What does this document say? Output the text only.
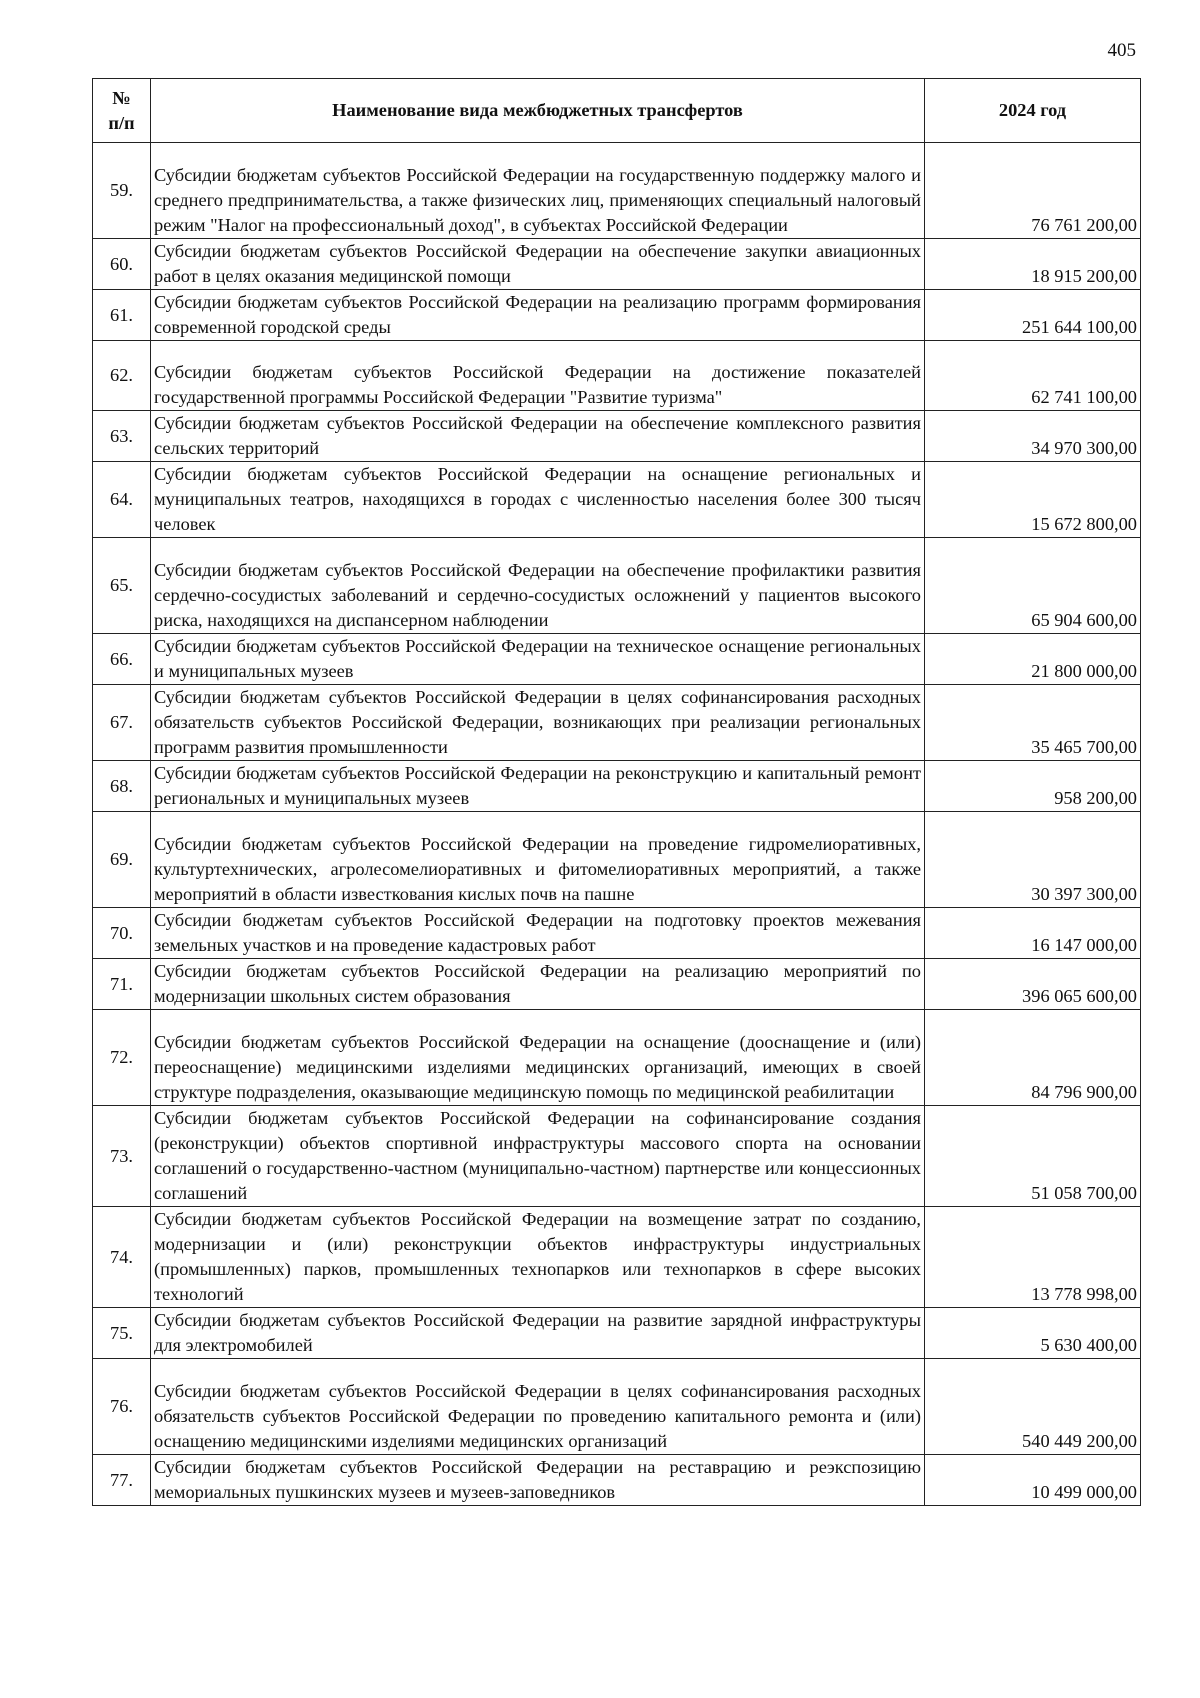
405
№
п/п	Наименование вида межбюджетных трансфертов	2024 год
59.	Субсидии бюджетам субъектов Российской Федерации на государственную поддержку малого и среднего предпринимательства, а также физических лиц, применяющих специальный налоговый режим "Налог на профессиональный доход", в субъектах Российской Федерации	76 761 200,00
60.	Субсидии бюджетам субъектов Российской Федерации на обеспечение закупки авиационных работ в целях оказания медицинской помощи	18 915 200,00
61.	Субсидии бюджетам субъектов Российской Федерации на реализацию программ формирования современной городской среды	251 644 100,00
62.	Субсидии бюджетам субъектов Российской Федерации на достижение показателей государственной программы Российской Федерации "Развитие туризма"	62 741 100,00
63.	Субсидии бюджетам субъектов Российской Федерации на обеспечение комплексного развития сельских территорий	34 970 300,00
64.	Субсидии бюджетам субъектов Российской Федерации на оснащение региональных и муниципальных театров, находящихся в городах с численностью населения более 300 тысяч человек	15 672 800,00
65.	Субсидии бюджетам субъектов Российской Федерации на обеспечение профилактики развития сердечно-сосудистых заболеваний и сердечно-сосудистых осложнений у пациентов высокого риска, находящихся на диспансерном наблюдении	65 904 600,00
66.	Субсидии бюджетам субъектов Российской Федерации на техническое оснащение региональных и муниципальных музеев	21 800 000,00
67.	Субсидии бюджетам субъектов Российской Федерации в целях софинансирования расходных обязательств субъектов Российской Федерации, возникающих при реализации региональных программ развития промышленности	35 465 700,00
68.	Субсидии бюджетам субъектов Российской Федерации на реконструкцию и капитальный ремонт региональных и муниципальных музеев	958 200,00
69.	Субсидии бюджетам субъектов Российской Федерации на проведение гидромелиоративных, культуртехнических, агролесомелиоративных и фитомелиоративных мероприятий, а также мероприятий в области известкования кислых почв на пашне	30 397 300,00
70.	Субсидии бюджетам субъектов Российской Федерации на подготовку проектов межевания земельных участков и на проведение кадастровых работ	16 147 000,00
71.	Субсидии бюджетам субъектов Российской Федерации на реализацию мероприятий по модернизации школьных систем образования	396 065 600,00
72.	Субсидии бюджетам субъектов Российской Федерации на оснащение (дооснащение и (или) переоснащение) медицинскими изделиями медицинских организаций, имеющих в своей структуре подразделения, оказывающие медицинскую помощь по медицинской реабилитации	84 796 900,00
73.	Субсидии бюджетам субъектов Российской Федерации на софинансирование создания (реконструкции) объектов спортивной инфраструктуры массового спорта на основании соглашений о государственно-частном (муниципально-частном) партнерстве или концессионных соглашений	51 058 700,00
74.	Субсидии бюджетам субъектов Российской Федерации на возмещение затрат по созданию, модернизации и (или) реконструкции объектов инфраструктуры индустриальных (промышленных) парков, промышленных технопарков или технопарков в сфере высоких технологий	13 778 998,00
75.	Субсидии бюджетам субъектов Российской Федерации на развитие зарядной инфраструктуры для электромобилей	5 630 400,00
76.	Субсидии бюджетам субъектов Российской Федерации в целях софинансирования расходных обязательств субъектов Российской Федерации по проведению капитального ремонта и (или) оснащению медицинскими изделиями медицинских организаций	540 449 200,00
77.	Субсидии бюджетам субъектов Российской Федерации на реставрацию и реэкспозицию мемориальных пушкинских музеев и музеев-заповедников	10 499 000,00
